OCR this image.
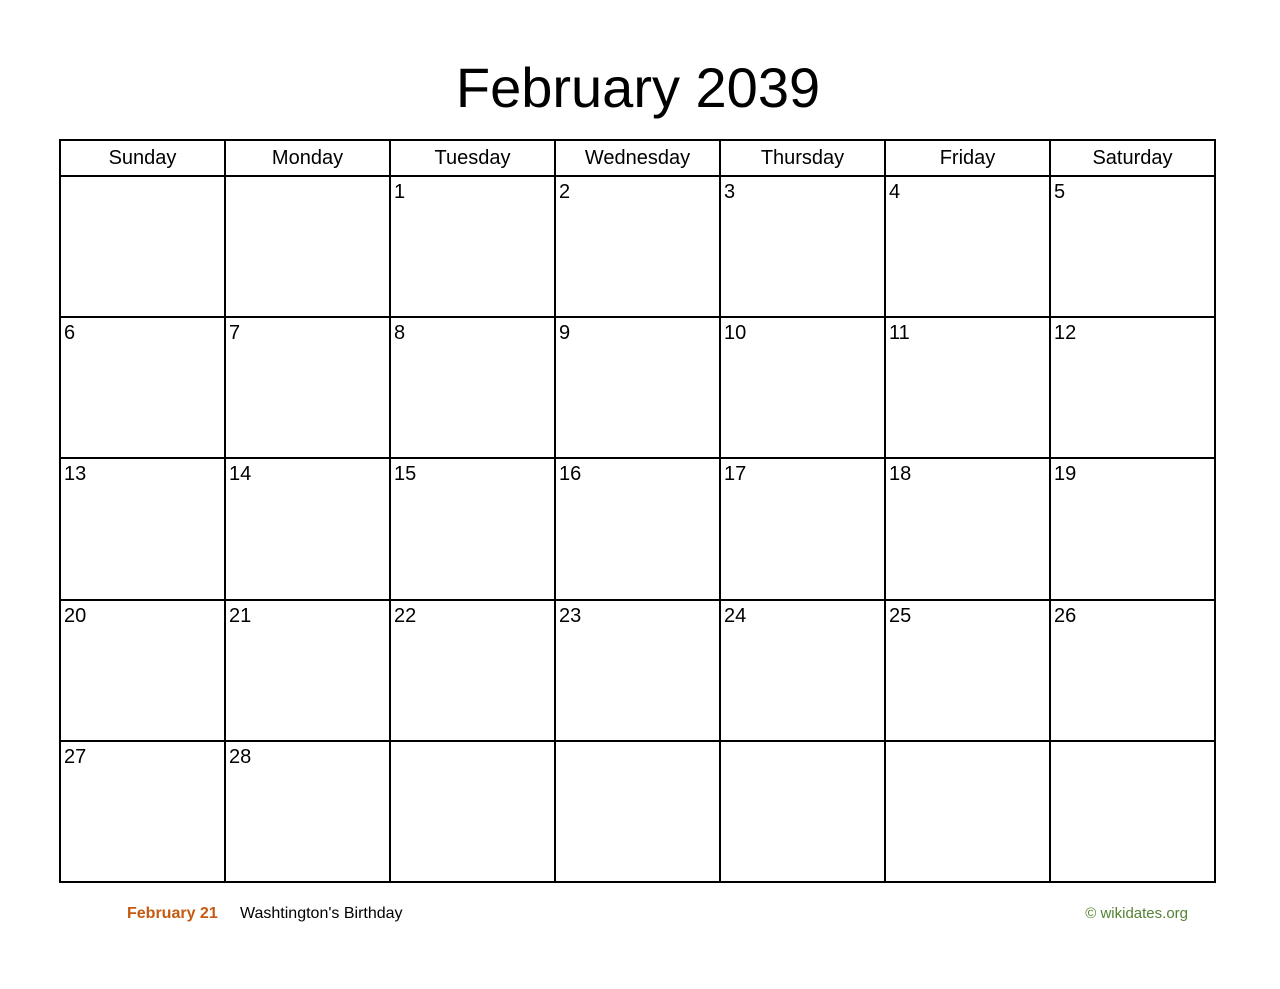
February 2039
Sunday	Monday	Tuesday	Wednesday	Thursday	Friday	Saturday

		1	2	3	4	5

6	7	8	9	10	11	12

13	14	15	16	17	18	19

20	21	22	23	24	25	26

27	28					

February 21 Washtington's Birthday	© wikidates.org
